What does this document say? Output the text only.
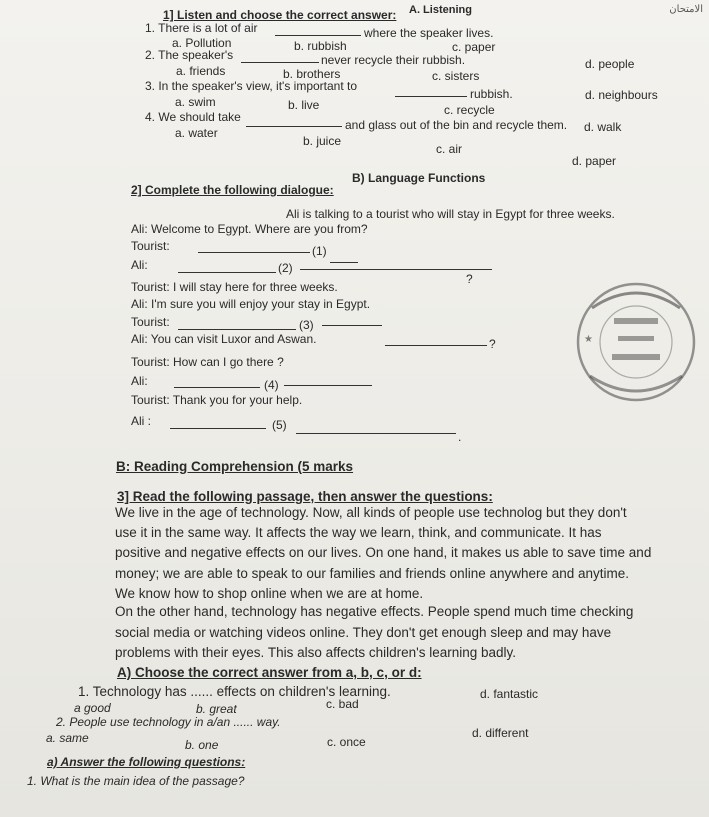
الامتحان
A. Listening
1] Listen and choose the correct answer:
1. There is a lot of air	where the speaker lives.
a. Pollution	b. rubbish	c. paper
2. The speaker's	never recycle their rubbish.
a. friends	b. brothers	c. sisters
d. people
3. In the speaker's view, it's important to
rubbish.
a. swim	b. live	c. recycle
d. neighbours
4. We should take
and glass out of the bin and recycle them.
a. water
b. juice
c. air
d. walk
d. paper
B) Language Functions
2] Complete the following dialogue:
Ali is talking to a tourist who will stay in Egypt for three weeks.
Ali: Welcome to Egypt. Where are you from?
Tourist:	(1)
Ali:	(2)
?
Tourist: I will stay here for three weeks.
Ali: I'm sure you will enjoy your stay in Egypt.
Tourist:	(3)
Ali: You can visit Luxor and Aswan.	?
Tourist: How can I go there ?
Ali:	(4)
Tourist: Thank you for your help.
Ali :	(5)
.
★
B: Reading Comprehension (5 marks
3] Read the following passage, then answer the questions:
We live in the age of technology. Now, all kinds of people use technolog but they don't
use it in the same way. It affects the way we learn, think, and communicate. It has
positive and negative effects on our lives. On one hand, it makes us able to save time and
money; we are able to speak to our families and friends online anywhere and anytime.
We know how to shop online when we are at home.
On the other hand, technology has negative effects. People spend much time checking
social media or watching videos online. They don't get enough sleep and may have
problems with their eyes. This also affects children's learning badly.
A) Choose the correct answer from a, b, c, or d:
1. Technology has ...... effects on children's learning.
a good	b. great	c. bad
d. fantastic
2. People use technology in a/an ...... way.
a. same	b. one	c. once
d. different
a) Answer the following questions:
1. What is the main idea of the passage?
